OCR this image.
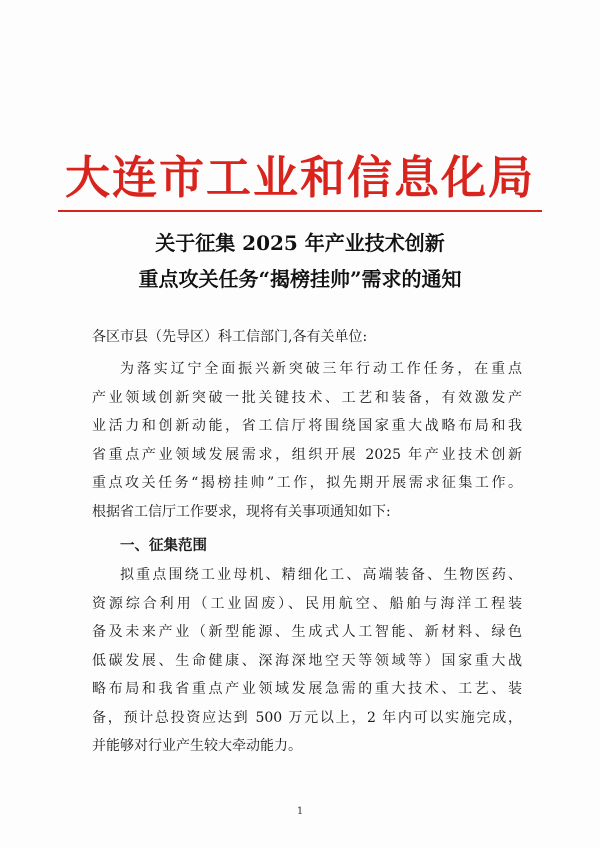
大连市工业和信息化局
关于征集 2025 年产业技术创新
重点攻关任务“揭榜挂帅”需求的通知
各区市县（先导区）科工信部门,各有关单位:
为落实辽宁全面振兴新突破三年行动工作任务，在重点
产业领域创新突破一批关键技术、工艺和装备，有效激发产
业活力和创新动能，省工信厅将围绕国家重大战略布局和我
省重点产业领域发展需求，组织开展 2025 年产业技术创新
重点攻关任务“揭榜挂帅”工作，拟先期开展需求征集工作。
根据省工信厅工作要求，现将有关事项通知如下:
一、征集范围
拟重点围绕工业母机、精细化工、高端装备、生物医药、
资源综合利用（工业固废）、民用航空、船舶与海洋工程装
备及未来产业（新型能源、生成式人工智能、新材料、绿色
低碳发展、生命健康、深海深地空天等领域等）国家重大战
略布局和我省重点产业领域发展急需的重大技术、工艺、装
备，预计总投资应达到 500 万元以上，2 年内可以实施完成，
并能够对行业产生较大牵动能力。
1
